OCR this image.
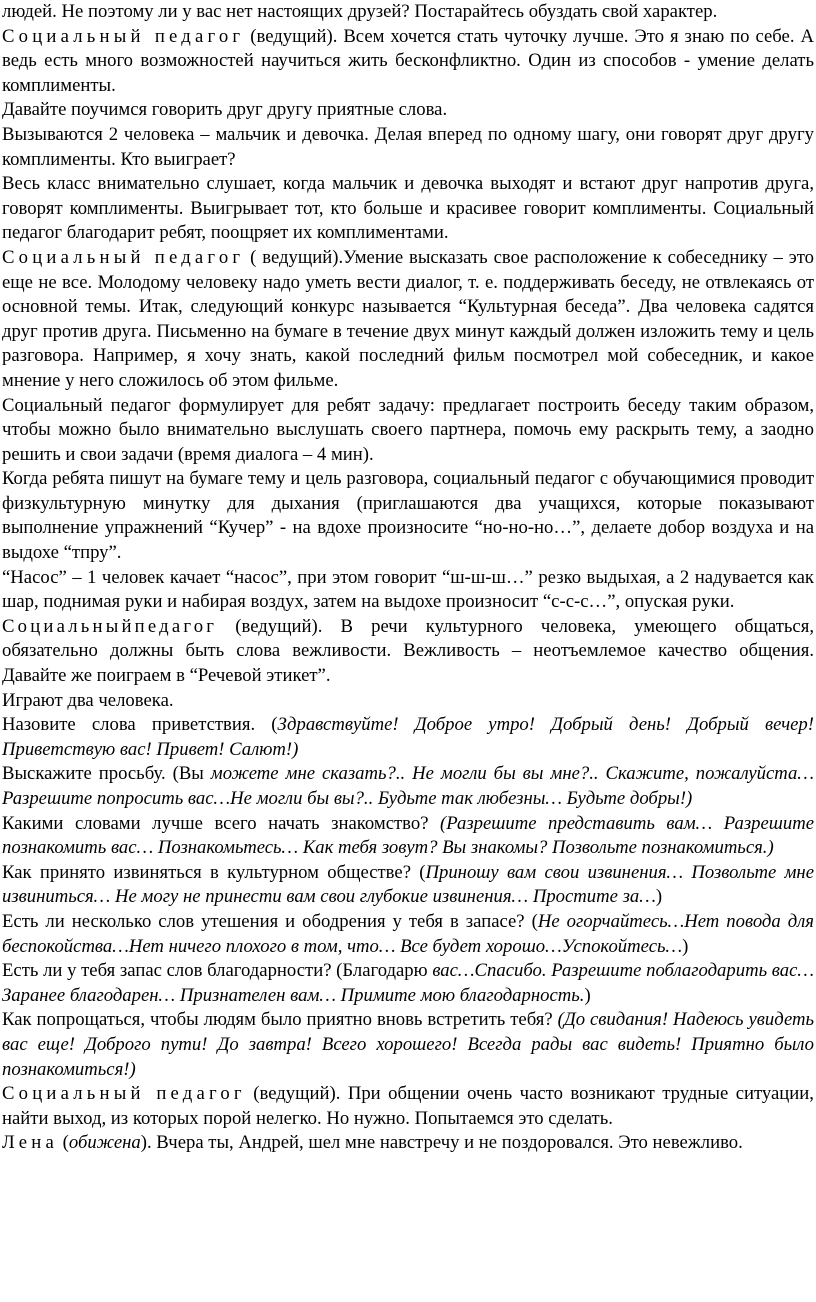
людей. Не поэтому ли у вас нет настоящих друзей? Постарайтесь обуздать свой характер.

Социальный педагог (ведущий). Всем хочется стать чуточку лучше. Это я знаю по себе. А ведь есть много возможностей научиться жить бесконфликтно. Один из способов - умение делать комплименты.

Давайте поучимся говорить друг другу приятные слова.

Вызываются 2 человека – мальчик и девочка. Делая вперед по одному шагу, они говорят друг другу комплименты. Кто выиграет?

Весь класс внимательно слушает, когда мальчик и девочка выходят и встают друг напротив друга, говорят комплименты. Выигрывает тот, кто больше и красивее говорит комплименты. Социальный педагог благодарит ребят, поощряет их комплиментами.

Социальный педагог ( ведущий).Умение высказать свое расположение к собеседнику – это еще не все. Молодому человеку надо уметь вести диалог, т. е. поддерживать беседу, не отвлекаясь от основной темы. Итак, следующий конкурс называется “Культурная беседа”. Два человека садятся друг против друга. Письменно на бумаге в течение двух минут каждый должен изложить тему и цель разговора. Например, я хочу знать, какой последний фильм посмотрел мой собеседник, и какое мнение у него сложилось об этом фильме.

Социальный педагог формулирует для ребят задачу: предлагает построить беседу таким образом, чтобы можно было внимательно выслушать своего партнера, помочь ему раскрыть тему, а заодно решить и свои задачи (время диалога – 4 мин).

Когда ребята пишут на бумаге тему и цель разговора, социальный педагог с обучающимися проводит физкультурную минутку для дыхания (приглашаются два учащихся, которые показывают выполнение упражнений “Кучер” - на вдохе произносите “но-но-но…”, делаете добор воздуха и на выдохе “тпру”.

“Насос” – 1 человек качает “насос”, при этом говорит “ш-ш-ш…” резко выдыхая, а 2 надувается как шар, поднимая руки и набирая воздух, затем на выдохе произносит “с-с-с…”, опуская руки.

Социальныйпедагог (ведущий). В речи культурного человека, умеющего общаться, обязательно должны быть слова вежливости. Вежливость – неотъемлемое качество общения. Давайте же поиграем в “Речевой этикет”.

Играют два человека.

Назовите слова приветствия. (Здравствуйте! Доброе утро! Добрый день! Добрый вечер! Приветствую вас! Привет! Салют!)

Выскажите просьбу. (Вы можете мне сказать?.. Не могли бы вы мне?.. Скажите, пожалуйста… Разрешите попросить вас…Не могли бы вы?.. Будьте так любезны… Будьте добры!)

Какими словами лучше всего начать знакомство? (Разрешите представить вам… Разрешите познакомить вас… Познакомьтесь… Как тебя зовут? Вы знакомы? Позвольте познакомиться.)

Как принято извиняться в культурном обществе? (Приношу вам свои извинения… Позвольте мне извиниться… Не могу не принести вам свои глубокие извинения… Простите за…)

Есть ли несколько слов утешения и ободрения у тебя в запасе? (Не огорчайтесь…Нет повода для беспокойства…Нет ничего плохого в том, что… Все будет хорошо…Успокойтесь…)

Есть ли у тебя запас слов благодарности? (Благодарю вас…Спасибо. Разрешите поблагодарить вас… Заранее благодарен… Признателен вам… Примите мою благодарность.)

Как попрощаться, чтобы людям было приятно вновь встретить тебя? (До свидания! Надеюсь увидеть вас еще! Доброго пути! До завтра! Всего хорошего! Всегда рады вас видеть! Приятно было познакомиться!)

Социальный педагог (ведущий). При общении очень часто возникают трудные ситуации, найти выход, из которых порой нелегко. Но нужно. Попытаемся это сделать.

Лена (обижена). Вчера ты, Андрей, шел мне навстречу и не поздоровался. Это невежливо.
